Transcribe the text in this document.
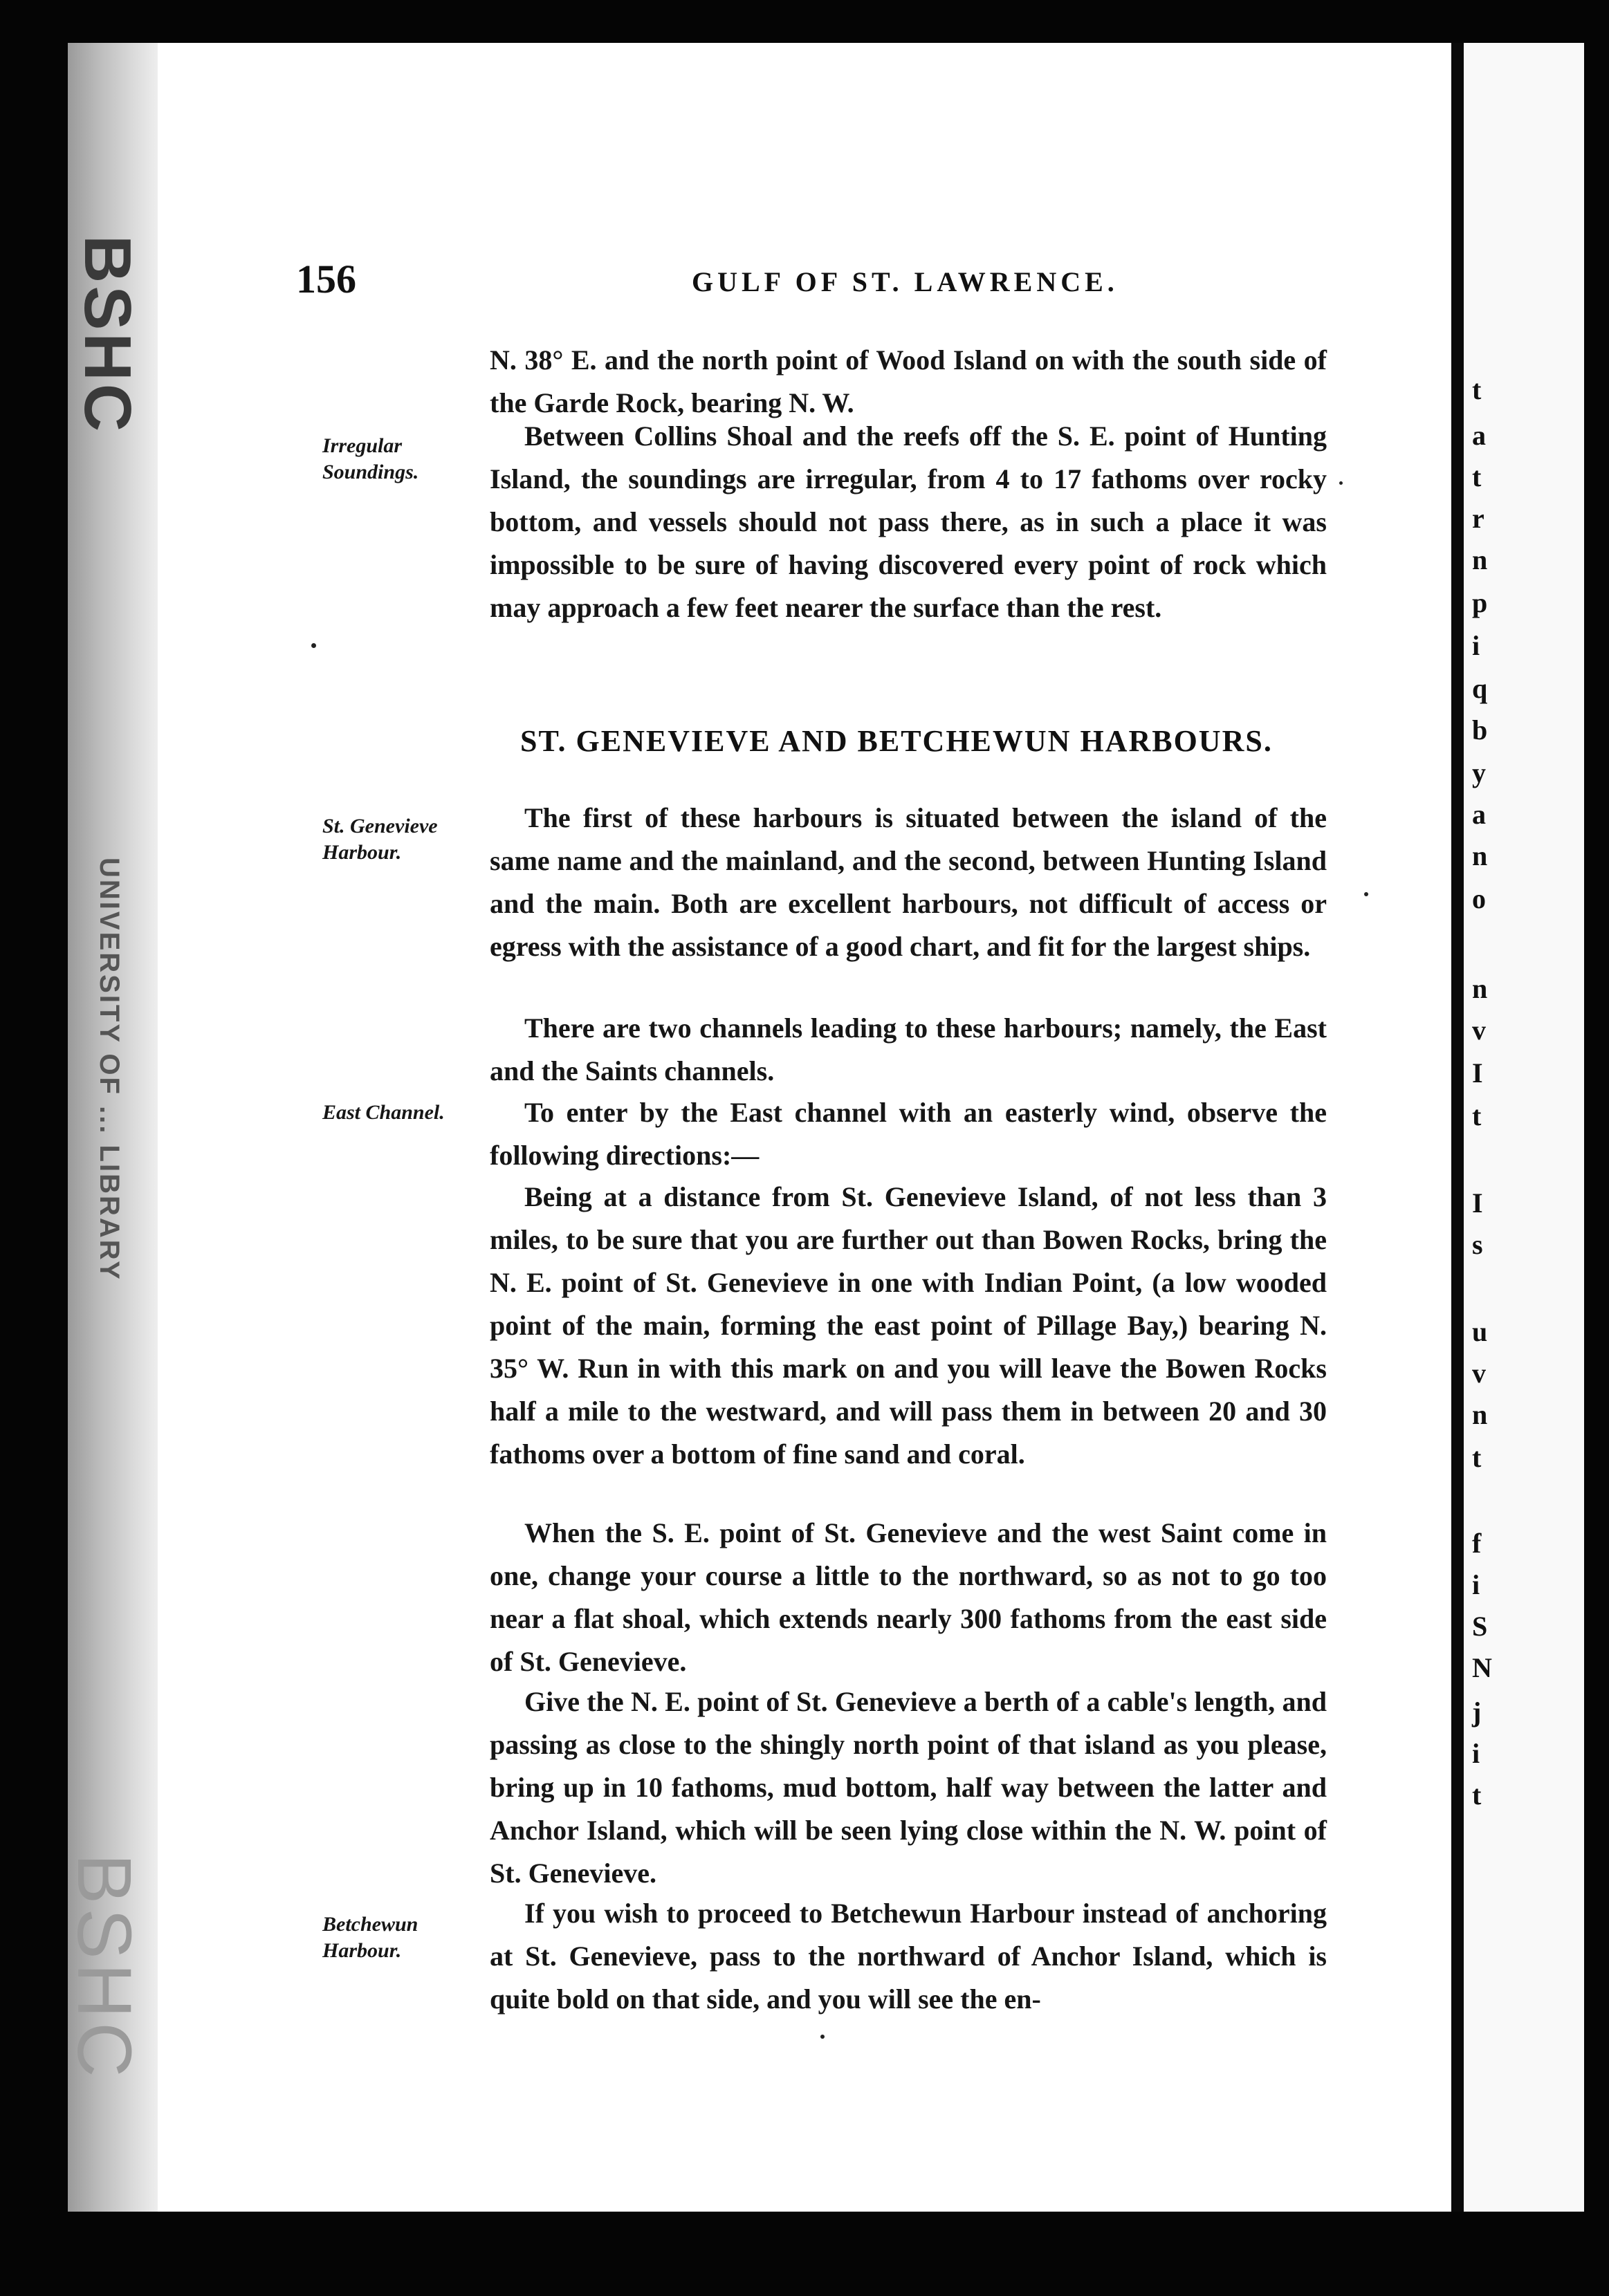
BSHC
UNIVERSITY OF ... LIBRARY
BSHC
t
a
t
r
n
p
i
q
b
y
a
n
o
n
v
I
t
I
s
u
v
n
t
f
i
S
N
j
i
t
156	GULF OF ST. LAWRENCE.

N. 38° E. and the north point of Wood Island on with the south side of the Garde Rock, bearing N. W.

Irregular Soundings.

Between Collins Shoal and the reefs off the S. E. point of Hunting Island, the soundings are irregular, from 4 to 17 fathoms over rocky bottom, and vessels should not pass there, as in such a place it was impossible to be sure of having discovered every point of rock which may approach a few feet nearer the surface than the rest.

ST. GENEVIEVE AND BETCHEWUN HARBOURS.

St. Genevieve Harbour.

The first of these harbours is situated between the island of the same name and the mainland, and the second, between Hunting Island and the main. Both are excellent harbours, not difficult of access or egress with the assistance of a good chart, and fit for the largest ships.

There are two channels leading to these harbours; namely, the East and the Saints channels.

East Channel.	To enter by the East channel with an easterly wind, observe the following directions:—

Being at a distance from St. Genevieve Island, of not less than 3 miles, to be sure that you are further out than Bowen Rocks, bring the N. E. point of St. Genevieve in one with Indian Point, (a low wooded point of the main, forming the east point of Pillage Bay,) bearing N. 35° W. Run in with this mark on and you will leave the Bowen Rocks half a mile to the westward, and will pass them in between 20 and 30 fathoms over a bottom of fine sand and coral.

When the S. E. point of St. Genevieve and the west Saint come in one, change your course a little to the northward, so as not to go too near a flat shoal, which extends nearly 300 fathoms from the east side of St. Genevieve.

Give the N. E. point of St. Genevieve a berth of a cable's length, and passing as close to the shingly north point of that island as you please, bring up in 10 fathoms, mud bottom, half way between the latter and Anchor Island, which will be seen lying close within the N. W. point of St. Genevieve.

Betchewun Harbour.

If you wish to proceed to Betchewun Harbour instead of anchoring at St. Genevieve, pass to the northward of Anchor Island, which is quite bold on that side, and you will see the en-
